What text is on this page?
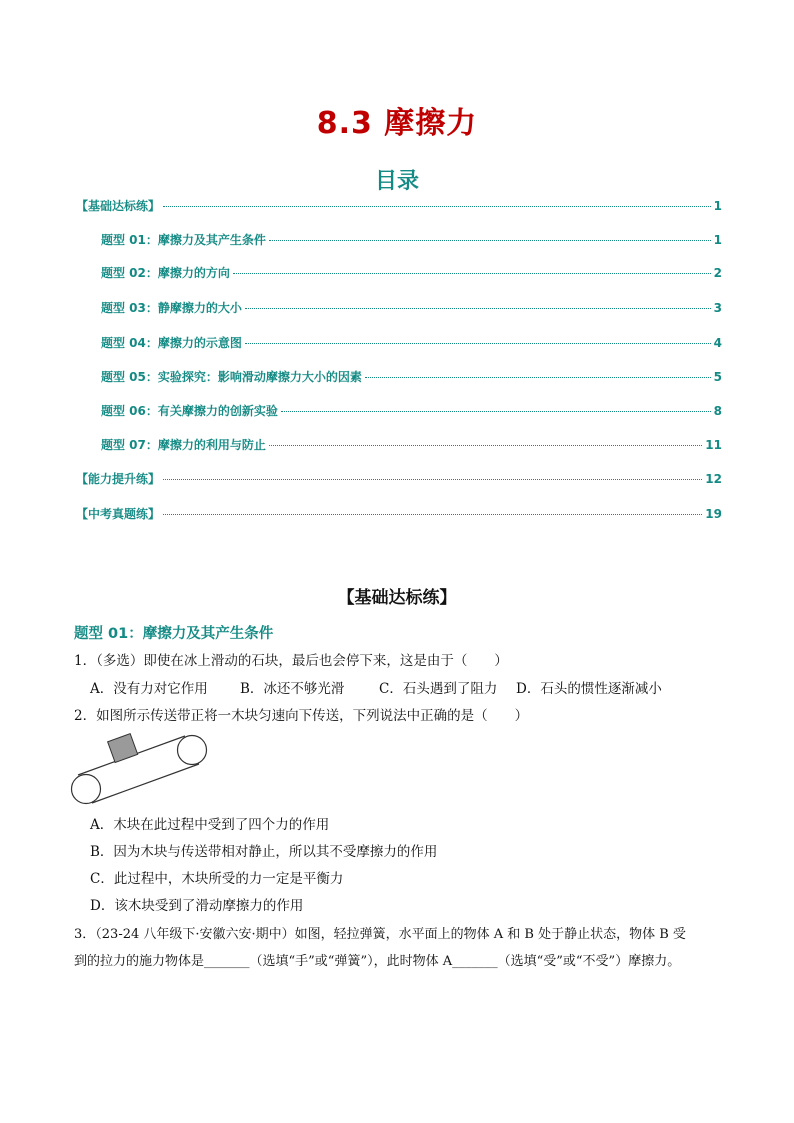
8.3 摩擦力
目录
【基础达标练】	1
题型 01：摩擦力及其产生条件	1
题型 02：摩擦力的方向	2
题型 03：静摩擦力的大小	3
题型 04：摩擦力的示意图	4
题型 05：实验探究：影响滑动摩擦力大小的因素	5
题型 06：有关摩擦力的创新实验	8
题型 07：摩擦力的利用与防止	11
【能力提升练】	12
【中考真题练】	19
【基础达标练】
题型 01：摩擦力及其产生条件
1．（多选）即使在冰上滑动的石块，最后也会停下来，这是由于（　　）
A．没有力对它作用 B．冰还不够光滑	C．石头遇到了阻力 D．石头的惯性逐渐减小
2．如图所示传送带正将一木块匀速向下传送，下列说法中正确的是（　　）
A．木块在此过程中受到了四个力的作用
B．因为木块与传送带相对静止，所以其不受摩擦力的作用
C．此过程中，木块所受的力一定是平衡力
D．该木块受到了滑动摩擦力的作用
3．（23-24 八年级下·安徽六安·期中）如图，轻拉弹簧，水平面上的物体 A 和 B 处于静止状态，物体 B 受
到的拉力的施力物体是_______（选填“手”或“弹簧”），此时物体 A_______（选填“受”或“不受”）摩擦力。
